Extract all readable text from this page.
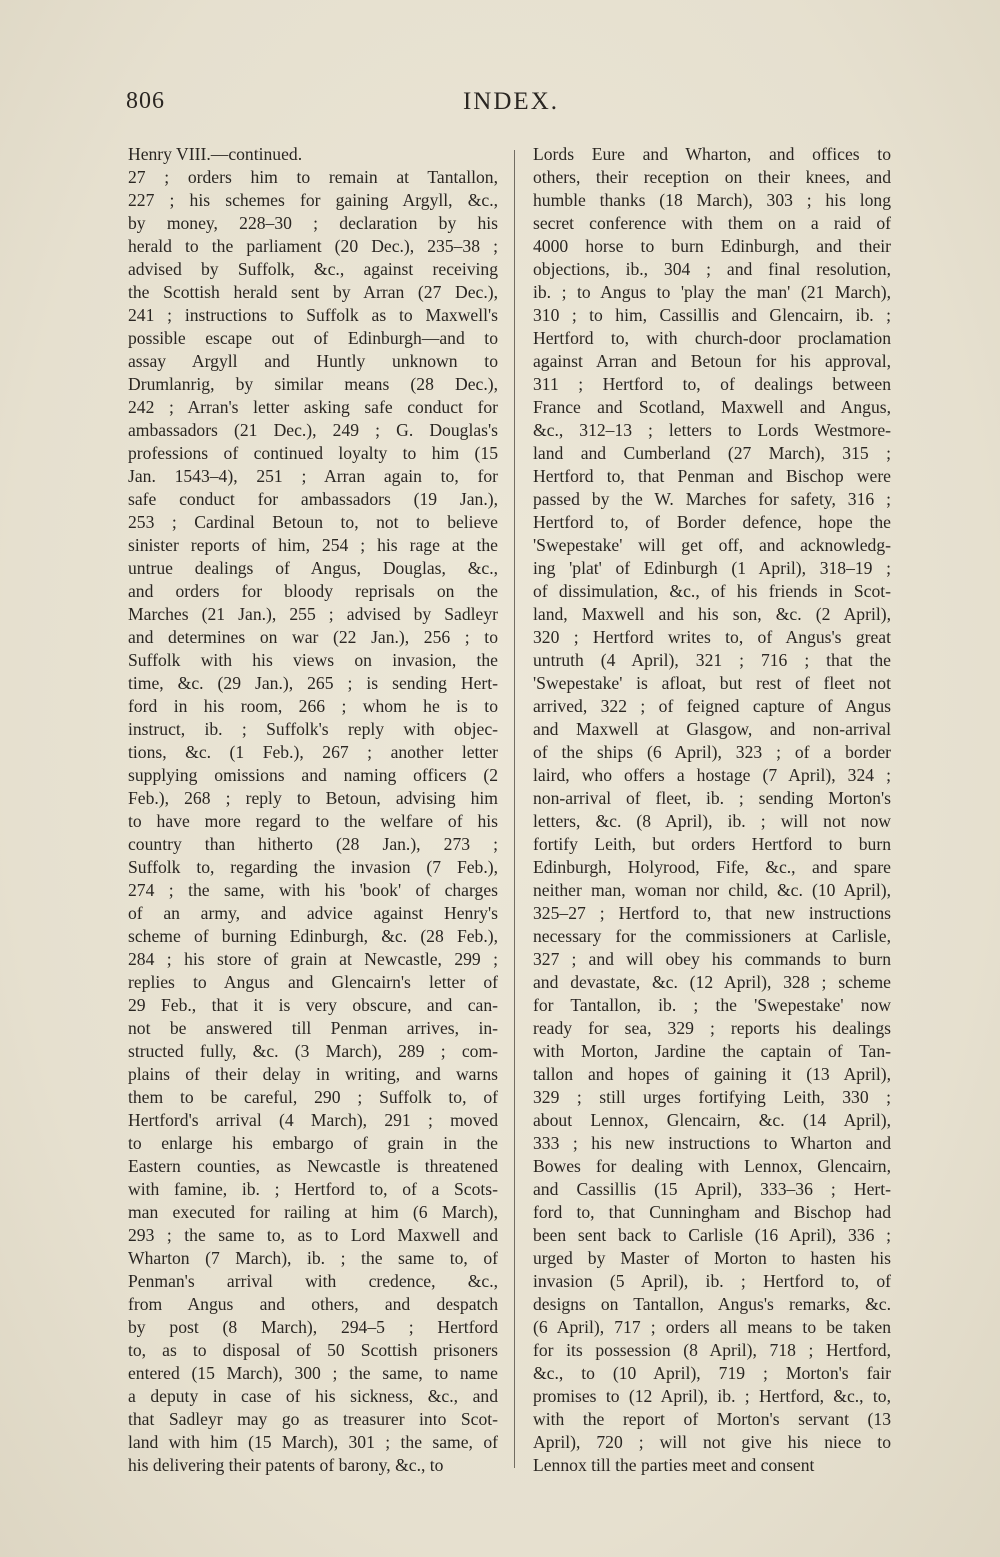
806	INDEX.
Henry VIII.—continued.
27 ; orders him to remain at Tantallon,
227 ; his schemes for gaining Argyll, &c.,
by money, 228–30 ; declaration by his
herald to the parliament (20 Dec.), 235–38 ;
advised by Suffolk, &c., against receiving
the Scottish herald sent by Arran (27 Dec.),
241 ; instructions to Suffolk as to Maxwell's
possible escape out of Edinburgh—and to
assay Argyll and Huntly unknown to
Drumlanrig, by similar means (28 Dec.),
242 ; Arran's letter asking safe conduct for
ambassadors (21 Dec.), 249 ; G. Douglas's
professions of continued loyalty to him (15
Jan. 1543–4), 251 ; Arran again to, for
safe conduct for ambassadors (19 Jan.),
253 ; Cardinal Betoun to, not to believe
sinister reports of him, 254 ; his rage at the
untrue dealings of Angus, Douglas, &c.,
and orders for bloody reprisals on the
Marches (21 Jan.), 255 ; advised by Sadleyr
and determines on war (22 Jan.), 256 ; to
Suffolk with his views on invasion, the
time, &c. (29 Jan.), 265 ; is sending Hert-
ford in his room, 266 ; whom he is to
instruct, ib. ; Suffolk's reply with objec-
tions, &c. (1 Feb.), 267 ; another letter
supplying omissions and naming officers (2
Feb.), 268 ; reply to Betoun, advising him
to have more regard to the welfare of his
country than hitherto (28 Jan.), 273 ;
Suffolk to, regarding the invasion (7 Feb.),
274 ; the same, with his 'book' of charges
of an army, and advice against Henry's
scheme of burning Edinburgh, &c. (28 Feb.),
284 ; his store of grain at Newcastle, 299 ;
replies to Angus and Glencairn's letter of
29 Feb., that it is very obscure, and can-
not be answered till Penman arrives, in-
structed fully, &c. (3 March), 289 ; com-
plains of their delay in writing, and warns
them to be careful, 290 ; Suffolk to, of
Hertford's arrival (4 March), 291 ; moved
to enlarge his embargo of grain in the
Eastern counties, as Newcastle is threatened
with famine, ib. ; Hertford to, of a Scots-
man executed for railing at him (6 March),
293 ; the same to, as to Lord Maxwell and
Wharton (7 March), ib. ; the same to, of
Penman's arrival with credence, &c.,
from Angus and others, and despatch
by post (8 March), 294–5 ; Hertford
to, as to disposal of 50 Scottish prisoners
entered (15 March), 300 ; the same, to name
a deputy in case of his sickness, &c., and
that Sadleyr may go as treasurer into Scot-
land with him (15 March), 301 ; the same, of
his delivering their patents of barony, &c., to
Lords Eure and Wharton, and offices to
others, their reception on their knees, and
humble thanks (18 March), 303 ; his long
secret conference with them on a raid of
4000 horse to burn Edinburgh, and their
objections, ib., 304 ; and final resolution,
ib. ; to Angus to 'play the man' (21 March),
310 ; to him, Cassillis and Glencairn, ib. ;
Hertford to, with church-door proclamation
against Arran and Betoun for his approval,
311 ; Hertford to, of dealings between
France and Scotland, Maxwell and Angus,
&c., 312–13 ; letters to Lords Westmore-
land and Cumberland (27 March), 315 ;
Hertford to, that Penman and Bischop were
passed by the W. Marches for safety, 316 ;
Hertford to, of Border defence, hope the
'Swepestake' will get off, and acknowledg-
ing 'plat' of Edinburgh (1 April), 318–19 ;
of dissimulation, &c., of his friends in Scot-
land, Maxwell and his son, &c. (2 April),
320 ; Hertford writes to, of Angus's great
untruth (4 April), 321 ; 716 ; that the
'Swepestake' is afloat, but rest of fleet not
arrived, 322 ; of feigned capture of Angus
and Maxwell at Glasgow, and non-arrival
of the ships (6 April), 323 ; of a border
laird, who offers a hostage (7 April), 324 ;
non-arrival of fleet, ib. ; sending Morton's
letters, &c. (8 April), ib. ; will not now
fortify Leith, but orders Hertford to burn
Edinburgh, Holyrood, Fife, &c., and spare
neither man, woman nor child, &c. (10 April),
325–27 ; Hertford to, that new instructions
necessary for the commissioners at Carlisle,
327 ; and will obey his commands to burn
and devastate, &c. (12 April), 328 ; scheme
for Tantallon, ib. ; the 'Swepestake' now
ready for sea, 329 ; reports his dealings
with Morton, Jardine the captain of Tan-
tallon and hopes of gaining it (13 April),
329 ; still urges fortifying Leith, 330 ;
about Lennox, Glencairn, &c. (14 April),
333 ; his new instructions to Wharton and
Bowes for dealing with Lennox, Glencairn,
and Cassillis (15 April), 333–36 ; Hert-
ford to, that Cunningham and Bischop had
been sent back to Carlisle (16 April), 336 ;
urged by Master of Morton to hasten his
invasion (5 April), ib. ; Hertford to, of
designs on Tantallon, Angus's remarks, &c.
(6 April), 717 ; orders all means to be taken
for its possession (8 April), 718 ; Hertford,
&c., to (10 April), 719 ; Morton's fair
promises to (12 April), ib. ; Hertford, &c., to,
with the report of Morton's servant (13
April), 720 ; will not give his niece to
Lennox till the parties meet and consent
